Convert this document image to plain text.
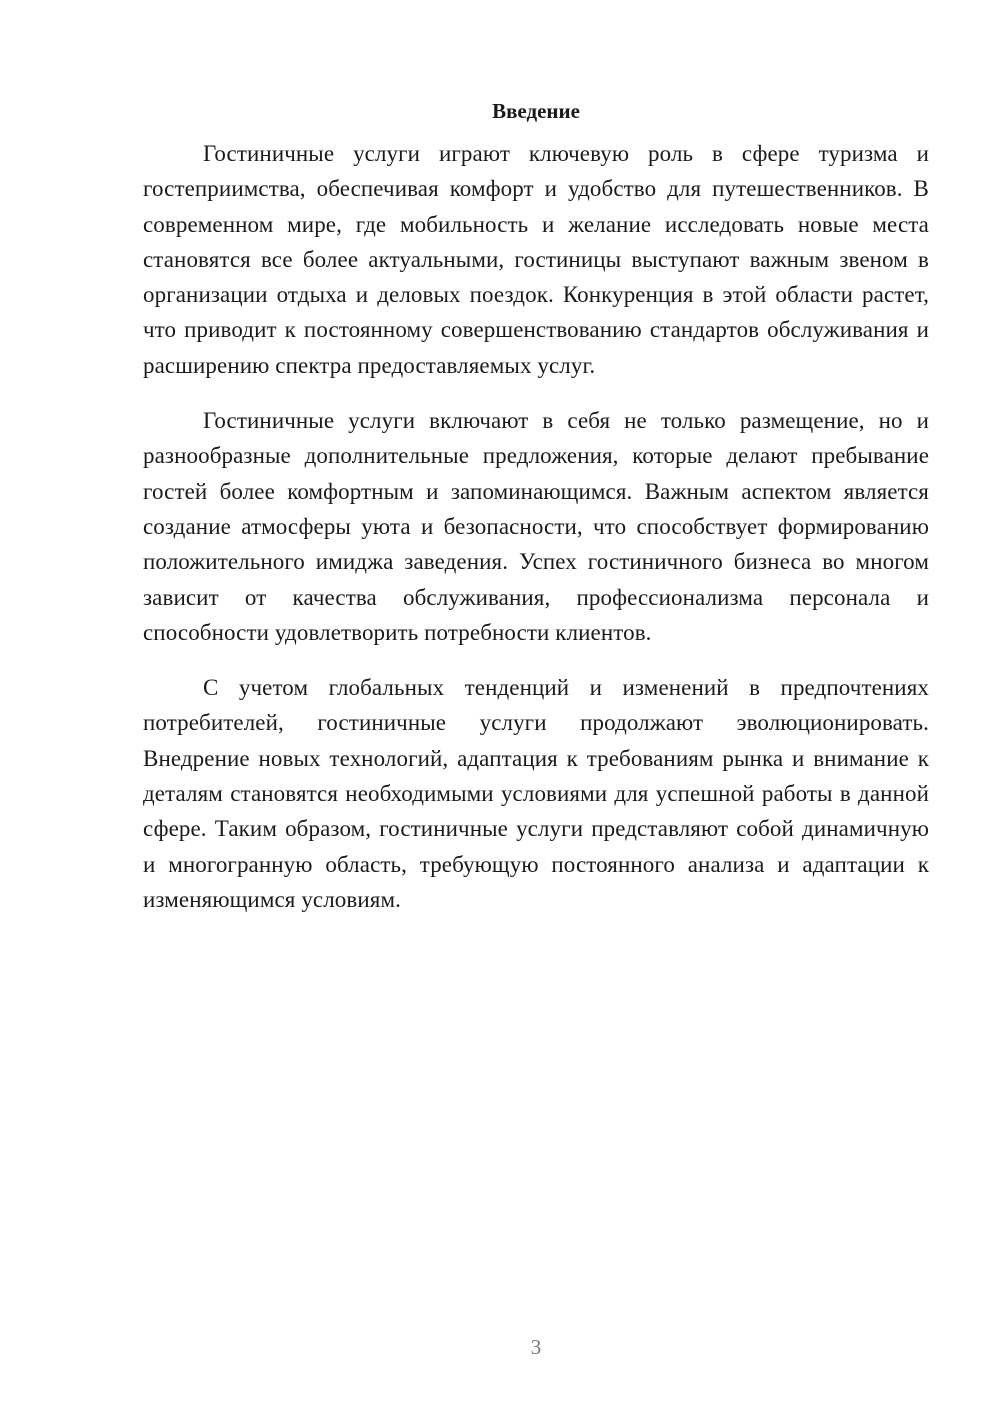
Введение

Гостиничные услуги играют ключевую роль в сфере туризма и гостеприимства, обеспечивая комфорт и удобство для путешественников. В современном мире, где мобильность и желание исследовать новые места становятся все более актуальными, гостиницы выступают важным звеном в организации отдыха и деловых поездок. Конкуренция в этой области растет, что приводит к постоянному совершенствованию стандартов обслуживания и расширению спектра предоставляемых услуг.

Гостиничные услуги включают в себя не только размещение, но и разнообразные дополнительные предложения, которые делают пребывание гостей более комфортным и запоминающимся. Важным аспектом является создание атмосферы уюта и безопасности, что способствует формированию положительного имиджа заведения. Успех гостиничного бизнеса во многом зависит от качества обслуживания, профессионализма персонала и способности удовлетворить потребности клиентов.

С учетом глобальных тенденций и изменений в предпочтениях потребителей, гостиничные услуги продолжают эволюционировать. Внедрение новых технологий, адаптация к требованиям рынка и внимание к деталям становятся необходимыми условиями для успешной работы в данной сфере. Таким образом, гостиничные услуги представляют собой динамичную и многогранную область, требующую постоянного анализа и адаптации к изменяющимся условиям.

3
